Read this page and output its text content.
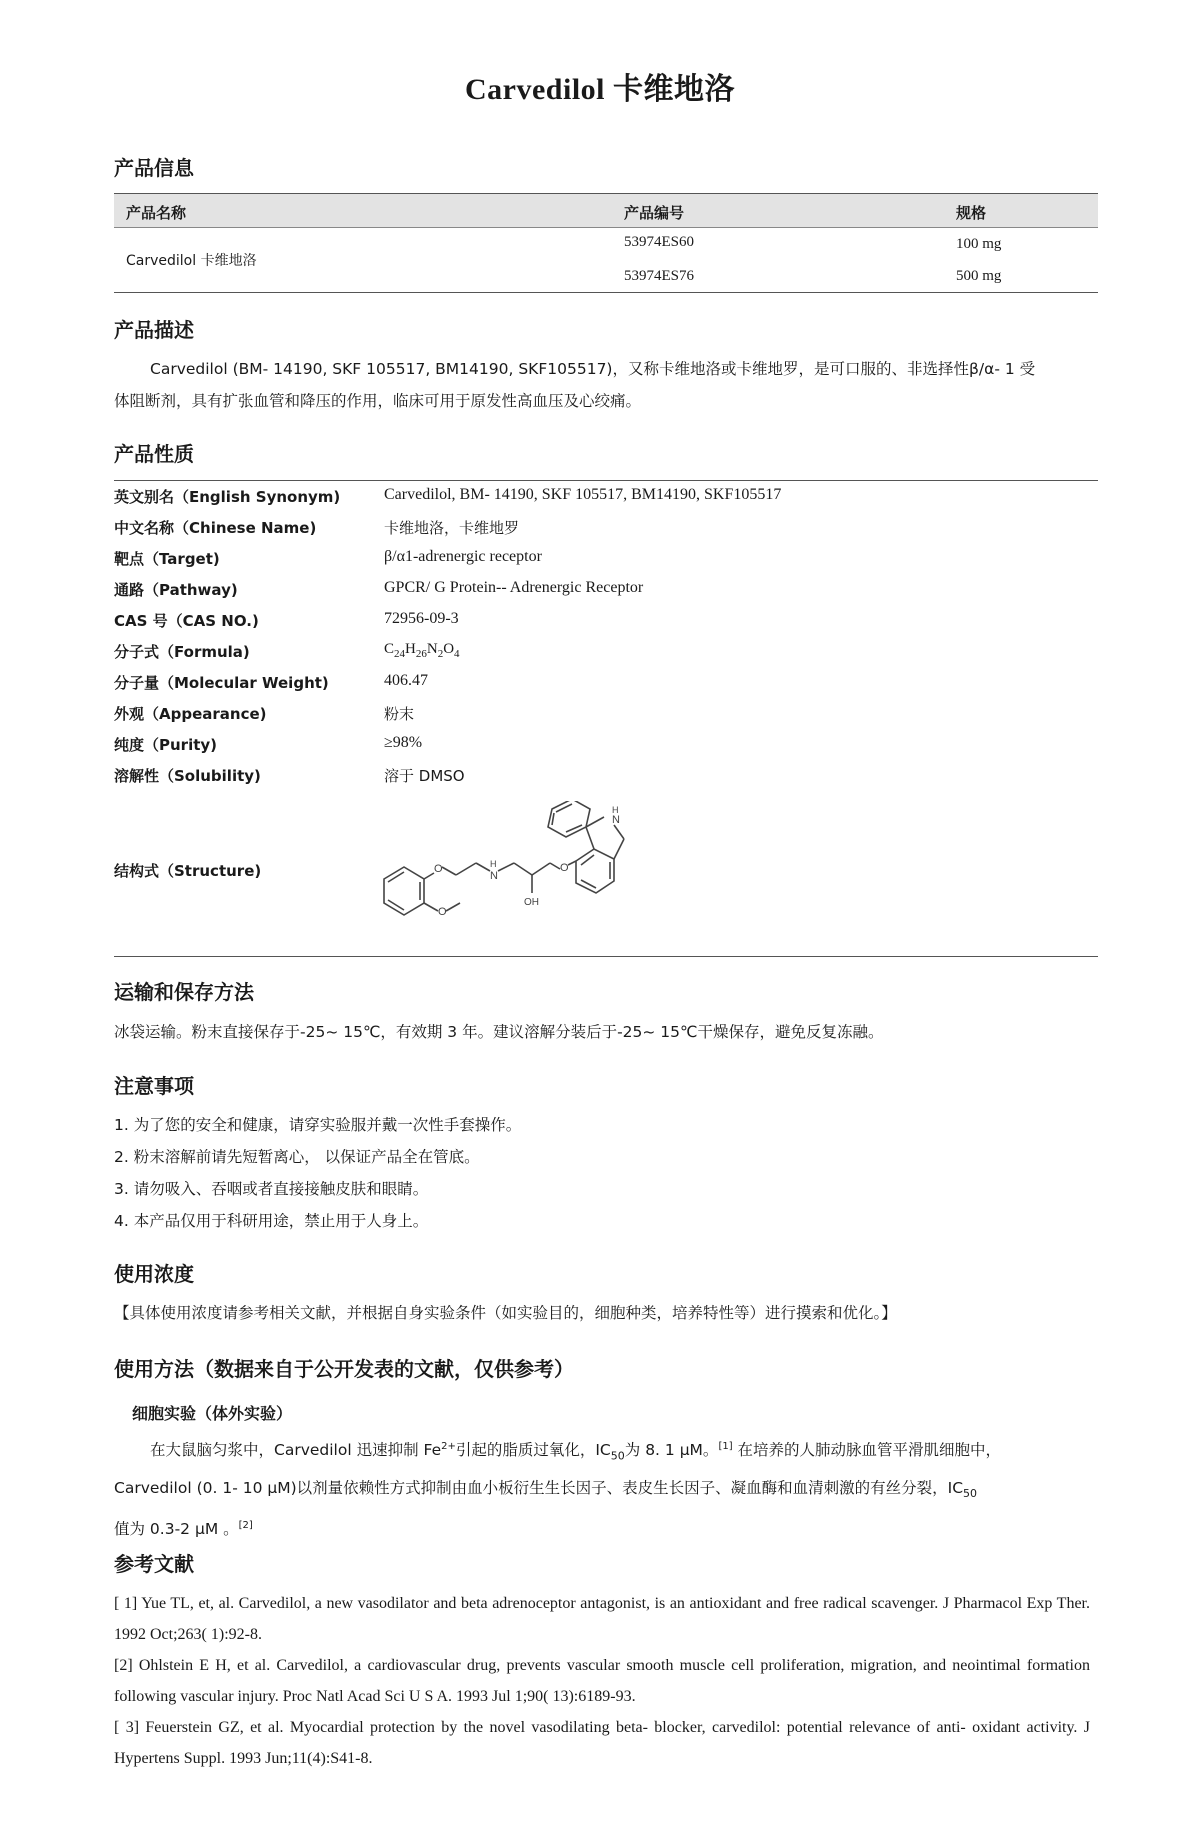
Carvedilol 卡维地洛
产品信息
产品名称	产品编号	规格
Carvedilol 卡维地洛
53974ES60	100 mg
53974ES76	500 mg
产品描述
Carvedilol (BM- 14190, SKF 105517, BM14190, SKF105517)，又称卡维地洛或卡维地罗，是可口服的、非选择性β/α- 1 受
体阻断剂，具有扩张血管和降压的作用，临床可用于原发性高血压及心绞痛。
产品性质
英文别名（English Synonym)	Carvedilol, BM- 14190, SKF 105517, BM14190, SKF105517
中文名称（Chinese Name)	卡维地洛，卡维地罗
靶点（Target)	β/α1-adrenergic receptor
通路（Pathway)	GPCR/ G Protein-- Adrenergic Receptor
CAS 号（CAS NO.)	72956-09-3
分子式（Formula)	$C_{24}H_{26}N_2O_4$
分子量（Molecular Weight)	406.47
外观（Appearance)	粉末
纯度（Purity)	≥98%
溶解性（Solubility)	溶于 DMSO
结构式（Structure)	N
H
OH
O
O
O
N
H
运输和保存方法
冰袋运输。粉末直接保存于-25~ 15℃，有效期 3 年。建议溶解分装后于-25~ 15℃干燥保存，避免反复冻融。
注意事项
1. 为了您的安全和健康，请穿实验服并戴一次性手套操作。
2. 粉末溶解前请先短暂离心， 以保证产品全在管底。
3. 请勿吸入、吞咽或者直接接触皮肤和眼睛。
4. 本产品仅用于科研用途，禁止用于人身上。
使用浓度
【具体使用浓度请参考相关文献，并根据自身实验条件（如实验目的，细胞种类，培养特性等）进行摸索和优化。】
使用方法（数据来自于公开发表的文献，仅供参考）
细胞实验（体外实验）
在大鼠脑匀浆中，Carvedilol 迅速抑制 $Fe^{2+}$引起的脂质过氧化，$IC_{50}$为 8. 1 μM。[1] 在培养的人肺动脉血管平滑肌细胞中，
Carvedilol (0. 1- 10 μM)以剂量依赖性方式抑制由血小板衍生生长因子、表皮生长因子、凝血酶和血清刺激的有丝分裂，$IC_{50}$
值为 0.3-2 μM 。[2]
参考文献
[ 1] Yue TL, et, al. Carvedilol, a new vasodilator and beta adrenoceptor antagonist, is an antioxidant and free radical scavenger. J Pharmacol Exp Ther. 1992 Oct;263( 1):92-8.
[2] Ohlstein E H, et al. Carvedilol, a cardiovascular drug, prevents vascular smooth muscle cell proliferation, migration, and neointimal formation following vascular injury. Proc Natl Acad Sci U S A. 1993 Jul 1;90( 13):6189-93.
[ 3] Feuerstein GZ, et al. Myocardial protection by the novel vasodilating beta- blocker, carvedilol: potential relevance of anti- oxidant activity. J Hypertens Suppl. 1993 Jun;11(4):S41-8.
